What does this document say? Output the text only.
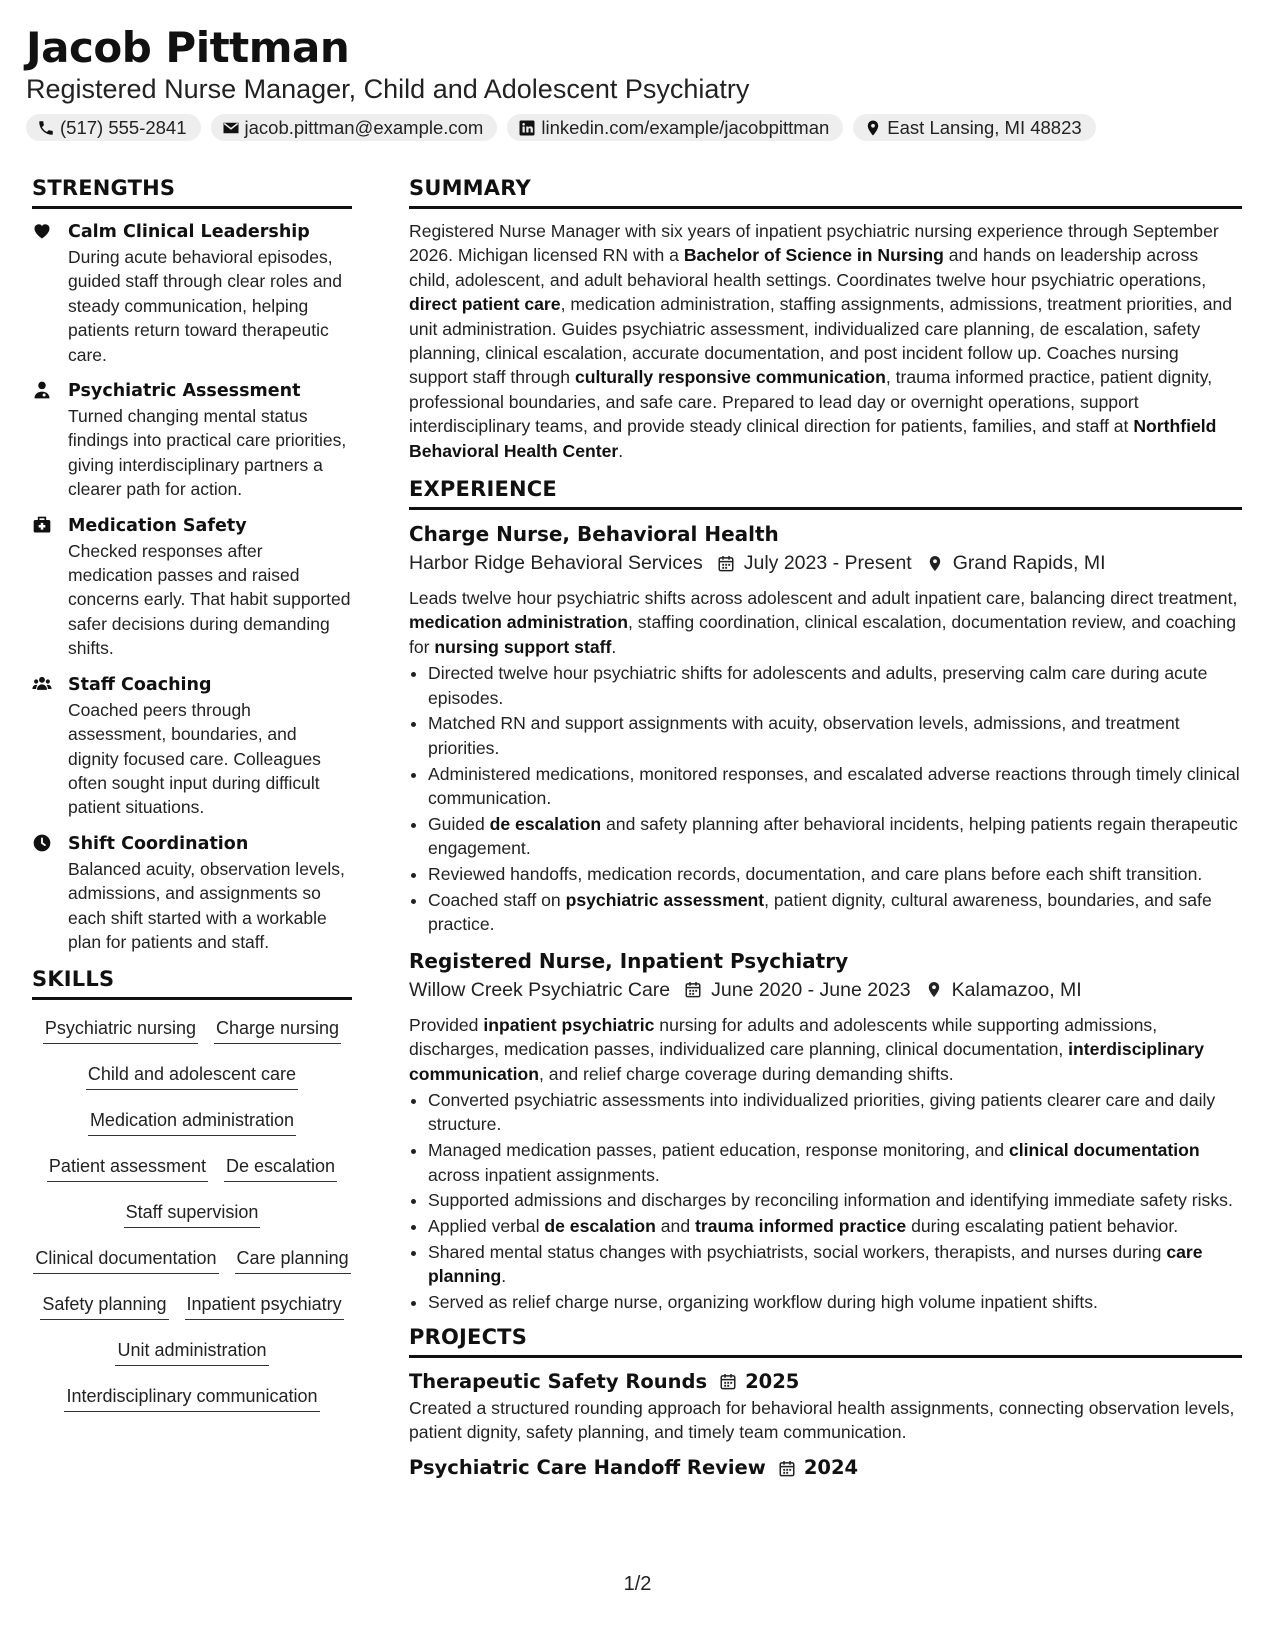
Jacob Pittman
Registered Nurse Manager, Child and Adolescent Psychiatry
(517) 555-2841	jacob.pittman@example.com	linkedin.com/example/jacobpittman	East Lansing, MI 48823
STRENGTHS
Calm Clinical Leadership

During acute behavioral episodes, guided staff through clear roles and steady communication, helping patients return toward therapeutic care.

Psychiatric Assessment

Turned changing mental status findings into practical care priorities, giving interdisciplinary partners a clearer path for action.

Medication Safety

Checked responses after medication passes and raised concerns early. That habit supported safer decisions during demanding shifts.

Staff Coaching

Coached peers through assessment, boundaries, and dignity focused care. Colleagues often sought input during difficult patient situations.

Shift Coordination

Balanced acuity, observation levels, admissions, and assignments so each shift started with a workable plan for patients and staff.

SKILLS
Psychiatric nursing Charge nursing
Child and adolescent care
Medication administration
Patient assessment De escalation
Staff supervision
Clinical documentation Care planning
Safety planning Inpatient psychiatry
Unit administration
Interdisciplinary communication
SUMMARY

Registered Nurse Manager with six years of inpatient psychiatric nursing experience through September 2026. Michigan licensed RN with a Bachelor of Science in Nursing and hands on leadership across child, adolescent, and adult behavioral health settings. Coordinates twelve hour psychiatric operations, direct patient care, medication administration, staffing assignments, admissions, treatment priorities, and unit administration. Guides psychiatric assessment, individualized care planning, de escalation, safety planning, clinical escalation, accurate documentation, and post incident follow up. Coaches nursing support staff through culturally responsive communication, trauma informed practice, patient dignity, professional boundaries, and safe care. Prepared to lead day or overnight operations, support interdisciplinary teams, and provide steady clinical direction for patients, families, and staff at Northfield Behavioral Health Center.

EXPERIENCE
Charge Nurse, Behavioral Health
Harbor Ridge Behavioral Services July 2023 - Present Grand Rapids, MI

Leads twelve hour psychiatric shifts across adolescent and adult inpatient care, balancing direct treatment, medication administration, staffing coordination, clinical escalation, documentation review, and coaching for nursing support staff.

• Directed twelve hour psychiatric shifts for adolescents and adults, preserving calm care during acute episodes.
• Matched RN and support assignments with acuity, observation levels, admissions, and treatment priorities.
• Administered medications, monitored responses, and escalated adverse reactions through timely clinical communication.
• Guided de escalation and safety planning after behavioral incidents, helping patients regain therapeutic engagement.
• Reviewed handoffs, medication records, documentation, and care plans before each shift transition.
• Coached staff on psychiatric assessment, patient dignity, cultural awareness, boundaries, and safe practice.
Registered Nurse, Inpatient Psychiatry
Willow Creek Psychiatric Care June 2020 - June 2023 Kalamazoo, MI

Provided inpatient psychiatric nursing for adults and adolescents while supporting admissions, discharges, medication passes, individualized care planning, clinical documentation, interdisciplinary communication, and relief charge coverage during demanding shifts.

• Converted psychiatric assessments into individualized priorities, giving patients clearer care and daily structure.
• Managed medication passes, patient education, response monitoring, and clinical documentation across inpatient assignments.
• Supported admissions and discharges by reconciling information and identifying immediate safety risks.
• Applied verbal de escalation and trauma informed practice during escalating patient behavior.
• Shared mental status changes with psychiatrists, social workers, therapists, and nurses during care planning.
• Served as relief charge nurse, organizing workflow during high volume inpatient shifts.
PROJECTS
Therapeutic Safety Rounds 2025

Created a structured rounding approach for behavioral health assignments, connecting observation levels, patient dignity, safety planning, and timely team communication.

Psychiatric Care Handoff Review 2024
1/2
